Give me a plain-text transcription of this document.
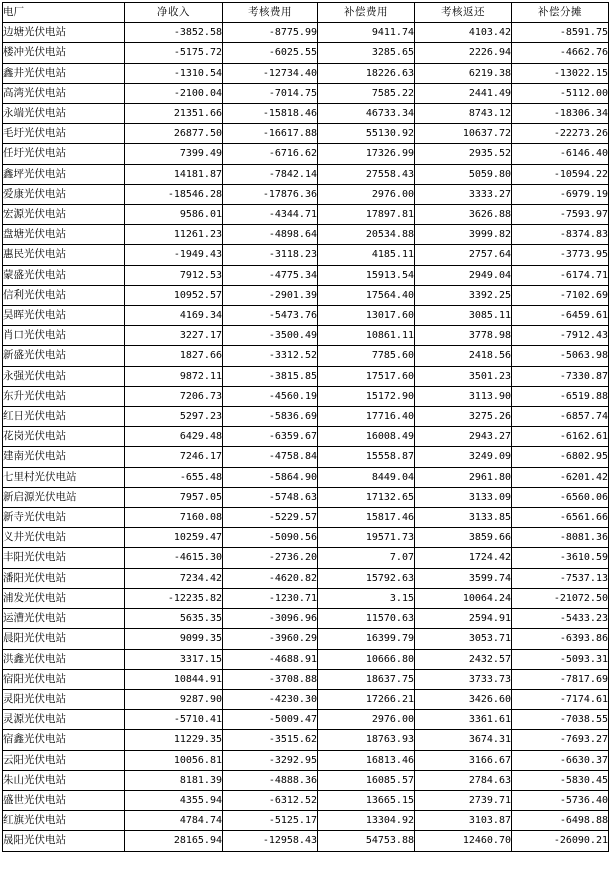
电厂	净收入	考核费用	补偿费用	考核返还	补偿分摊
边塘光伏电站	-3852.58	-8775.99	9411.74	4103.42	-8591.75
楼冲光伏电站	-5175.72	-6025.55	3285.65	2226.94	-4662.76
鑫井光伏电站	-1310.54	-12734.40	18226.63	6219.38	-13022.15
高湾光伏电站	-2100.04	-7014.75	7585.22	2441.49	-5112.00
永端光伏电站	21351.66	-15818.46	46733.34	8743.12	-18306.34
毛圩光伏电站	26877.50	-16617.88	55130.92	10637.72	-22273.26
任圩光伏电站	7399.49	-6716.62	17326.99	2935.52	-6146.40
鑫坪光伏电站	14181.87	-7842.14	27558.43	5059.80	-10594.22
爱康光伏电站	-18546.28	-17876.36	2976.00	3333.27	-6979.19
宏源光伏电站	9586.01	-4344.71	17897.81	3626.88	-7593.97
盘塘光伏电站	11261.23	-4898.64	20534.88	3999.82	-8374.83
惠民光伏电站	-1949.43	-3118.23	4185.11	2757.64	-3773.95
蒙盛光伏电站	7912.53	-4775.34	15913.54	2949.04	-6174.71
信利光伏电站	10952.57	-2901.39	17564.40	3392.25	-7102.69
昊晖光伏电站	4169.34	-5473.76	13017.60	3085.11	-6459.61
肖口光伏电站	3227.17	-3500.49	10861.11	3778.98	-7912.43
新盛光伏电站	1827.66	-3312.52	7785.60	2418.56	-5063.98
永强光伏电站	9872.11	-3815.85	17517.60	3501.23	-7330.87
东升光伏电站	7206.73	-4560.19	15172.90	3113.90	-6519.88
红日光伏电站	5297.23	-5836.69	17716.40	3275.26	-6857.74
花岗光伏电站	6429.48	-6359.67	16008.49	2943.27	-6162.61
建南光伏电站	7246.17	-4758.84	15558.87	3249.09	-6802.95
七里村光伏电站	-655.48	-5864.90	8449.04	2961.80	-6201.42
新启源光伏电站	7957.05	-5748.63	17132.65	3133.09	-6560.06
新寺光伏电站	7160.08	-5229.57	15817.46	3133.85	-6561.66
义井光伏电站	10259.47	-5090.56	19571.73	3859.66	-8081.36
丰阳光伏电站	-4615.30	-2736.20	7.07	1724.42	-3610.59
潘阳光伏电站	7234.42	-4620.82	15792.63	3599.74	-7537.13
浦发光伏电站	-12235.82	-1230.71	3.15	10064.24	-21072.50
运漕光伏电站	5635.35	-3096.96	11570.63	2594.91	-5433.23
晨阳光伏电站	9099.35	-3960.29	16399.79	3053.71	-6393.86
洪鑫光伏电站	3317.15	-4688.91	10666.80	2432.57	-5093.31
宿阳光伏电站	10844.91	-3708.88	18637.75	3733.73	-7817.69
灵阳光伏电站	9287.90	-4230.30	17266.21	3426.60	-7174.61
灵源光伏电站	-5710.41	-5009.47	2976.00	3361.61	-7038.55
宿鑫光伏电站	11229.35	-3515.62	18763.93	3674.31	-7693.27
云阳光伏电站	10056.81	-3292.95	16813.46	3166.67	-6630.37
朱山光伏电站	8181.39	-4888.36	16085.57	2784.63	-5830.45
盛世光伏电站	4355.94	-6312.52	13665.15	2739.71	-5736.40
红旗光伏电站	4784.74	-5125.17	13304.92	3103.87	-6498.88
晟阳光伏电站	28165.94	-12958.43	54753.88	12460.70	-26090.21
